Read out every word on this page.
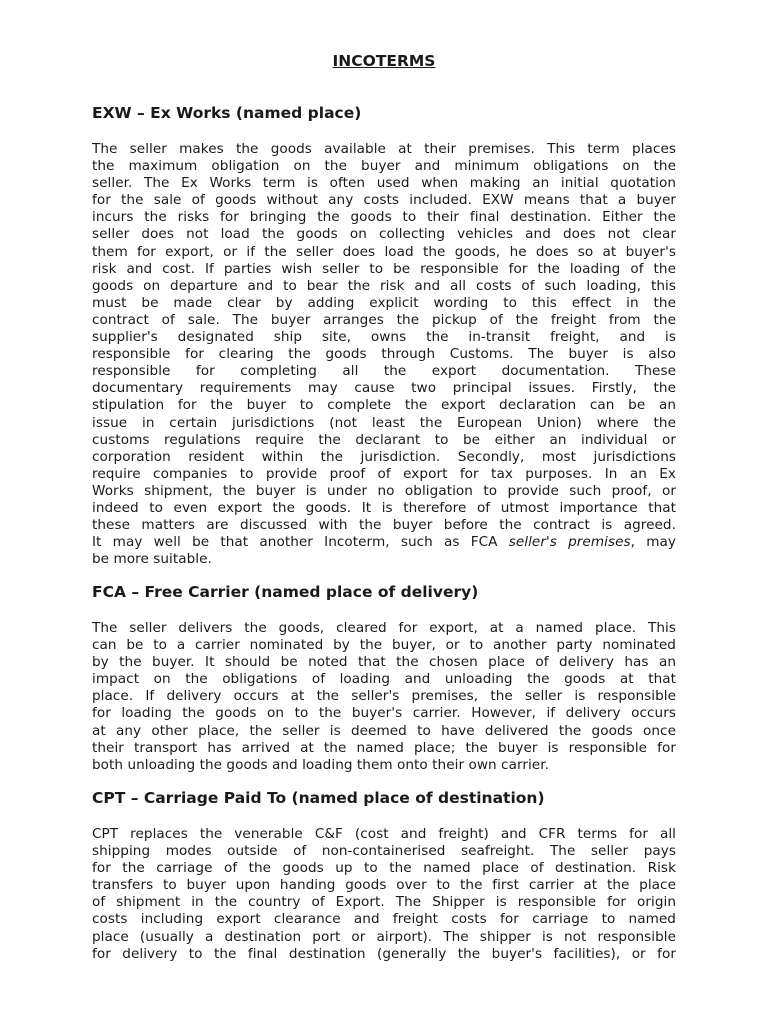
INCOTERMS
EXW – Ex Works (named place)
The seller makes the goods available at their premises. This term places
the maximum obligation on the buyer and minimum obligations on the
seller. The Ex Works term is often used when making an initial quotation
for the sale of goods without any costs included. EXW means that a buyer
incurs the risks for bringing the goods to their final destination. Either the
seller does not load the goods on collecting vehicles and does not clear
them for export, or if the seller does load the goods, he does so at buyer's
risk and cost. If parties wish seller to be responsible for the loading of the
goods on departure and to bear the risk and all costs of such loading, this
must be made clear by adding explicit wording to this effect in the
contract of sale. The buyer arranges the pickup of the freight from the
supplier's designated ship site, owns the in-transit freight, and is
responsible for clearing the goods through Customs. The buyer is also
responsible for completing all the export documentation. These
documentary requirements may cause two principal issues. Firstly, the
stipulation for the buyer to complete the export declaration can be an
issue in certain jurisdictions (not least the European Union) where the
customs regulations require the declarant to be either an individual or
corporation resident within the jurisdiction. Secondly, most jurisdictions
require companies to provide proof of export for tax purposes. In an Ex
Works shipment, the buyer is under no obligation to provide such proof, or
indeed to even export the goods. It is therefore of utmost importance that
these matters are discussed with the buyer before the contract is agreed.
It may well be that another Incoterm, such as FCA seller's premises, may
be more suitable.
FCA – Free Carrier (named place of delivery)
The seller delivers the goods, cleared for export, at a named place. This
can be to a carrier nominated by the buyer, or to another party nominated
by the buyer. It should be noted that the chosen place of delivery has an
impact on the obligations of loading and unloading the goods at that
place. If delivery occurs at the seller's premises, the seller is responsible
for loading the goods on to the buyer's carrier. However, if delivery occurs
at any other place, the seller is deemed to have delivered the goods once
their transport has arrived at the named place; the buyer is responsible for
both unloading the goods and loading them onto their own carrier.
CPT – Carriage Paid To (named place of destination)
CPT replaces the venerable C&F (cost and freight) and CFR terms for all
shipping modes outside of non-containerised seafreight. The seller pays
for the carriage of the goods up to the named place of destination. Risk
transfers to buyer upon handing goods over to the first carrier at the place
of shipment in the country of Export. The Shipper is responsible for origin
costs including export clearance and freight costs for carriage to named
place (usually a destination port or airport). The shipper is not responsible
for delivery to the final destination (generally the buyer's facilities), or for
